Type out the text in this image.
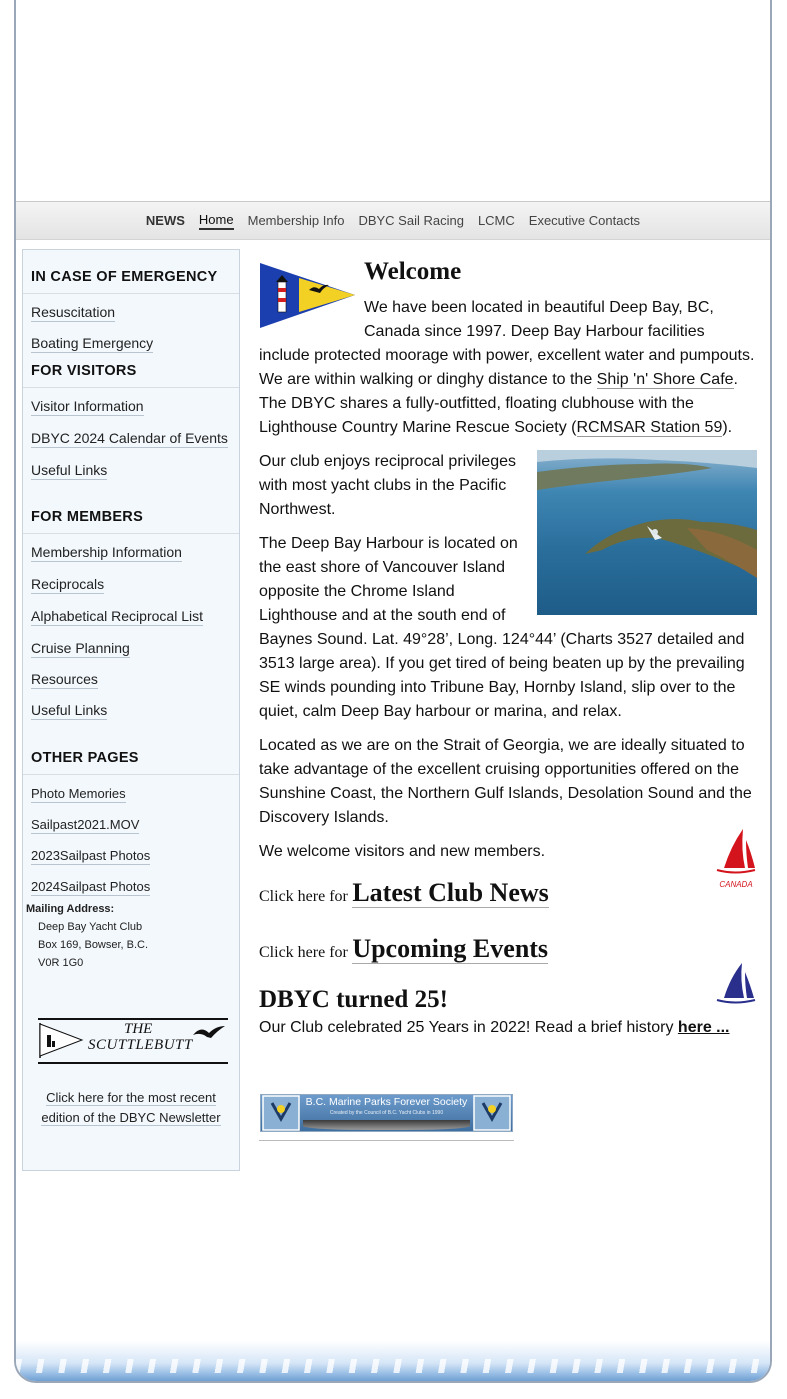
NEWS Home Membership Info DBYC Sail Racing LCMC Executive Contacts
IN CASE OF EMERGENCY
Resuscitation
Boating Emergency
FOR VISITORS
Visitor Information
DBYC 2024 Calendar of Events
Useful Links
FOR MEMBERS
Membership Information
Reciprocals
Alphabetical Reciprocal List
Cruise Planning
Resources
Useful Links
OTHER PAGES
Photo Memories
Sailpast2021.MOV
2023Sailpast Photos
2024Sailpast Photos
Mailing Address:
Deep Bay Yacht Club
Box 169, Bowser, B.C.
V0R 1G0
THE
SCUTTLEBUTT
Click here for the most recent
edition of the DBYC Newsletter
Welcome

We have been located in beautiful Deep Bay, BC, Canada since 1997. Deep Bay Harbour facilities include protected moorage with power, excellent water and pumpouts. We are within walking or dinghy distance to the Ship 'n' Shore Cafe. The DBYC shares a fully-outfitted, floating clubhouse with the Lighthouse Country Marine Rescue Society (RCMSAR Station 59).

Our club enjoys reciprocal privileges with most yacht clubs in the Pacific Northwest.

The Deep Bay Harbour is located on the east shore of Vancouver Island opposite the Chrome Island Lighthouse and at the south end of Baynes Sound. Lat. 49°28’, Long. 124°44’ (Charts 3527 detailed and 3513 large area). If you get tired of being beaten up by the prevailing SE winds pounding into Tribune Bay, Hornby Island, slip over to the quiet, calm Deep Bay harbour or marina, and relax.

Located as we are on the Strait of Georgia, we are ideally situated to take advantage of the excellent cruising opportunities offered on the Sunshine Coast, the Northern Gulf Islands, Desolation Sound and the Discovery Islands.

We welcome visitors and new members.

CANADA
Click here for Latest Club News
Click here for Upcoming Events
DBYC turned 25!
Our Club celebrated 25 Years in 2022! Read a brief history here ...
B.C. Marine Parks Forever Society
Created by the Council of B.C. Yacht Clubs in 1990
